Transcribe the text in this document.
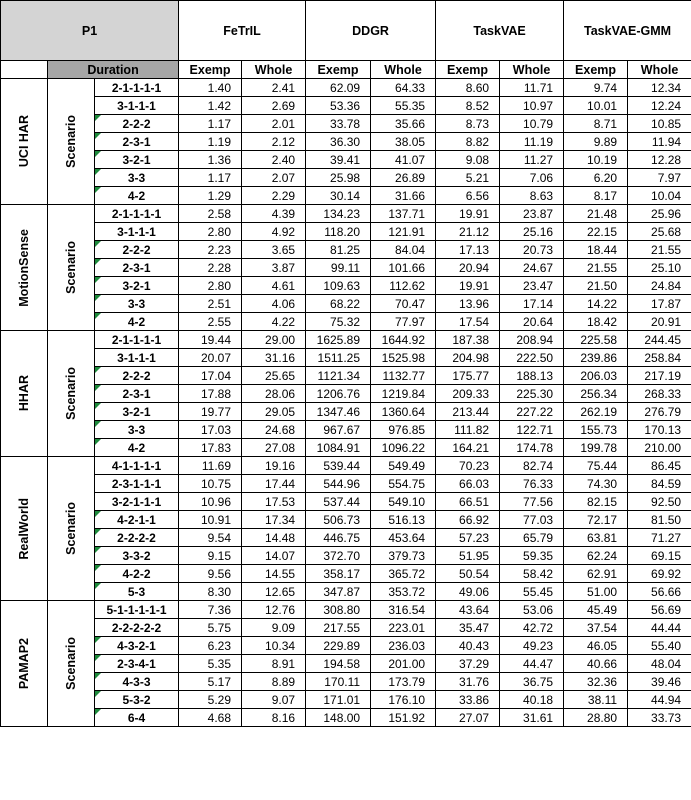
P1			FeTrIL		DDGR		TaskVAE		TaskVAE-GMM	
	Duration		Exemp	Whole	Exemp	Whole	Exemp	Whole	Exemp	Whole

UCI HAR	Scenario	2-1-1-1-1	1.40	2.41	62.09	64.33	8.60	11.71	9.74	12.34
		3-1-1-1	1.42	2.69	53.36	55.35	8.52	10.97	10.01	12.24
		2-2-2	1.17	2.01	33.78	35.66	8.73	10.79	8.71	10.85
		2-3-1	1.19	2.12	36.30	38.05	8.82	11.19	9.89	11.94
		3-2-1	1.36	2.40	39.41	41.07	9.08	11.27	10.19	12.28
		3-3	1.17	2.07	25.98	26.89	5.21	7.06	6.20	7.97
		4-2	1.29	2.29	30.14	31.66	6.56	8.63	8.17	10.04

MotionSense	Scenario	2-1-1-1-1	2.58	4.39	134.23	137.71	19.91	23.87	21.48	25.96
		3-1-1-1	2.80	4.92	118.20	121.91	21.12	25.16	22.15	25.68
		2-2-2	2.23	3.65	81.25	84.04	17.13	20.73	18.44	21.55
		2-3-1	2.28	3.87	99.11	101.66	20.94	24.67	21.55	25.10
		3-2-1	2.80	4.61	109.63	112.62	19.91	23.47	21.50	24.84
		3-3	2.51	4.06	68.22	70.47	13.96	17.14	14.22	17.87
		4-2	2.55	4.22	75.32	77.97	17.54	20.64	18.42	20.91

HHAR	Scenario	2-1-1-1-1	19.44	29.00	1625.89	1644.92	187.38	208.94	225.58	244.45
		3-1-1-1	20.07	31.16	1511.25	1525.98	204.98	222.50	239.86	258.84
		2-2-2	17.04	25.65	1121.34	1132.77	175.77	188.13	206.03	217.19
		2-3-1	17.88	28.06	1206.76	1219.84	209.33	225.30	256.34	268.33
		3-2-1	19.77	29.05	1347.46	1360.64	213.44	227.22	262.19	276.79
		3-3	17.03	24.68	967.67	976.85	111.82	122.71	155.73	170.13
		4-2	17.83	27.08	1084.91	1096.22	164.21	174.78	199.78	210.00

RealWorld	Scenario	4-1-1-1-1	11.69	19.16	539.44	549.49	70.23	82.74	75.44	86.45
		2-3-1-1-1	10.75	17.44	544.96	554.75	66.03	76.33	74.30	84.59
		3-2-1-1-1	10.96	17.53	537.44	549.10	66.51	77.56	82.15	92.50
		4-2-1-1	10.91	17.34	506.73	516.13	66.92	77.03	72.17	81.50
		2-2-2-2	9.54	14.48	446.75	453.64	57.23	65.79	63.81	71.27
		3-3-2	9.15	14.07	372.70	379.73	51.95	59.35	62.24	69.15
		4-2-2	9.56	14.55	358.17	365.72	50.54	58.42	62.91	69.92
		5-3	8.30	12.65	347.87	353.72	49.06	55.45	51.00	56.66

PAMAP2	Scenario	5-1-1-1-1-1	7.36	12.76	308.80	316.54	43.64	53.06	45.49	56.69
		2-2-2-2-2	5.75	9.09	217.55	223.01	35.47	42.72	37.54	44.44
		4-3-2-1	6.23	10.34	229.89	236.03	40.43	49.23	46.05	55.40
		2-3-4-1	5.35	8.91	194.58	201.00	37.29	44.47	40.66	48.04
		4-3-3	5.17	8.89	170.11	173.79	31.76	36.75	32.36	39.46
		5-3-2	5.29	9.07	171.01	176.10	33.86	40.18	38.11	44.94
		6-4	4.68	8.16	148.00	151.92	27.07	31.61	28.80	33.73
